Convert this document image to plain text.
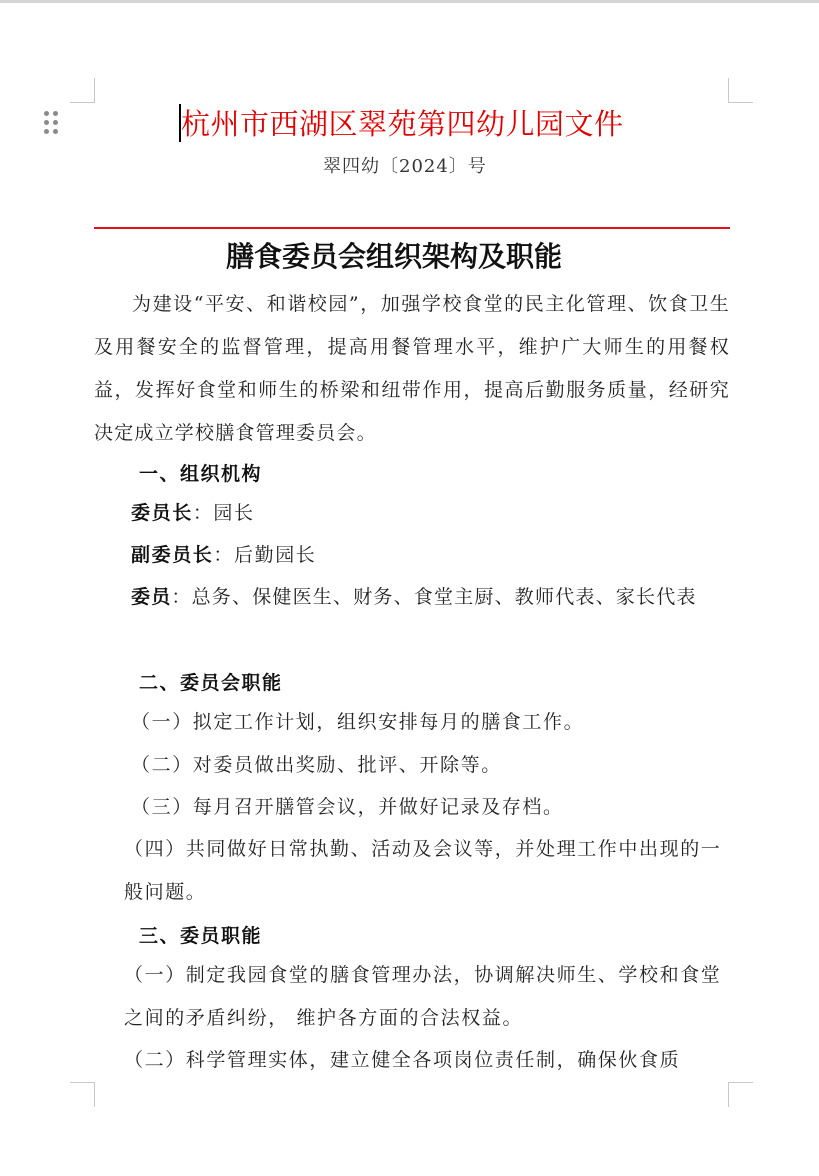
杭州市西湖区翠苑第四幼儿园文件
翠四幼〔2024〕号
膳食委员会组织架构及职能

为建设“平安、和谐校园”，加强学校食堂的民主化管理、饮食卫生及用餐安全的监督管理，提高用餐管理水平，维护广大师生的用餐权益，发挥好食堂和师生的桥梁和纽带作用，提高后勤服务质量，经研究决定成立学校膳食管理委员会。

一、组织机构

委员长：园长

副委员长：后勤园长

委员：总务、保健医生、财务、食堂主厨、教师代表、家长代表

二、委员会职能

（一）拟定工作计划，组织安排每月的膳食工作。

（二）对委员做出奖励、批评、开除等。

（三）每月召开膳管会议，并做好记录及存档。

（四）共同做好日常执勤、活动及会议等，并处理工作中出现的一般问题。

三、委员职能

（一）制定我园食堂的膳食管理办法，协调解决师生、学校和食堂之间的矛盾纠纷， 维护各方面的合法权益。

（二）科学管理实体，建立健全各项岗位责任制，确保伙食质
